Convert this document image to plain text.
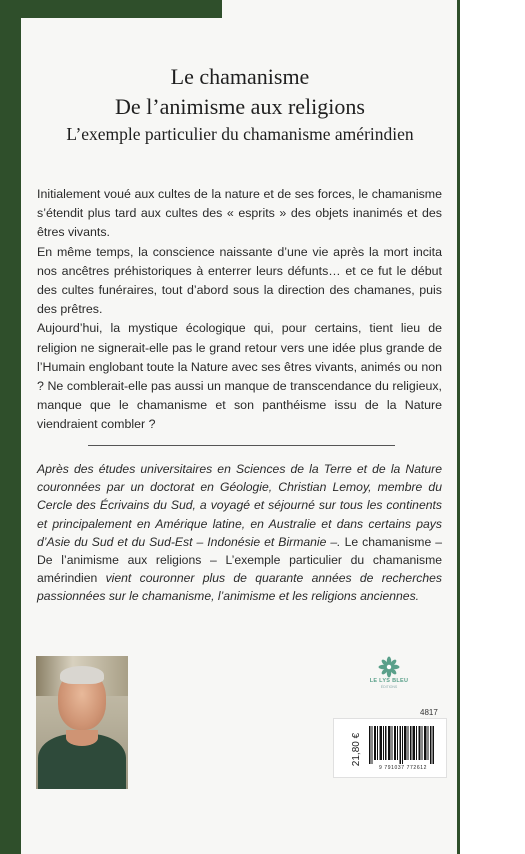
Le chamanisme
De l’animisme aux religions
L’exemple particulier du chamanisme amérindien

Initialement voué aux cultes de la nature et de ses forces, le chamanisme s’étendit plus tard aux cultes des « esprits » des objets inanimés et des êtres vivants.

En même temps, la conscience naissante d’une vie après la mort incita nos ancêtres préhistoriques à enterrer leurs défunts… et ce fut le début des cultes funéraires, tout d’abord sous la direction des chamanes, puis des prêtres.

Aujourd’hui, la mystique écologique qui, pour certains, tient lieu de religion ne signerait-elle pas le grand retour vers une idée plus grande de l’Humain englobant toute la Nature avec ses êtres vivants, animés ou non ? Ne comblerait-elle pas aussi un manque de transcendance du religieux, manque que le chamanisme et son panthéisme issu de la Nature viendraient combler ?

Après des études universitaires en Sciences de la Terre et de la Nature couronnées par un doctorat en Géologie, Christian Lemoy, membre du Cercle des Écrivains du Sud, a voyagé et séjourné sur tous les continents et principalement en Amérique latine, en Australie et dans certains pays d’Asie du Sud et du Sud-Est – Indonésie et Birmanie –. Le chamanisme – De l’animisme aux religions – L’exemple particulier du chamanisme amérindien vient couronner plus de quarante années de recherches passionnées sur le chamanisme, l’animisme et les religions anciennes.
LE LYS BLEU
ÉDITIONS
4817
21,80 €
9 791037 772612
